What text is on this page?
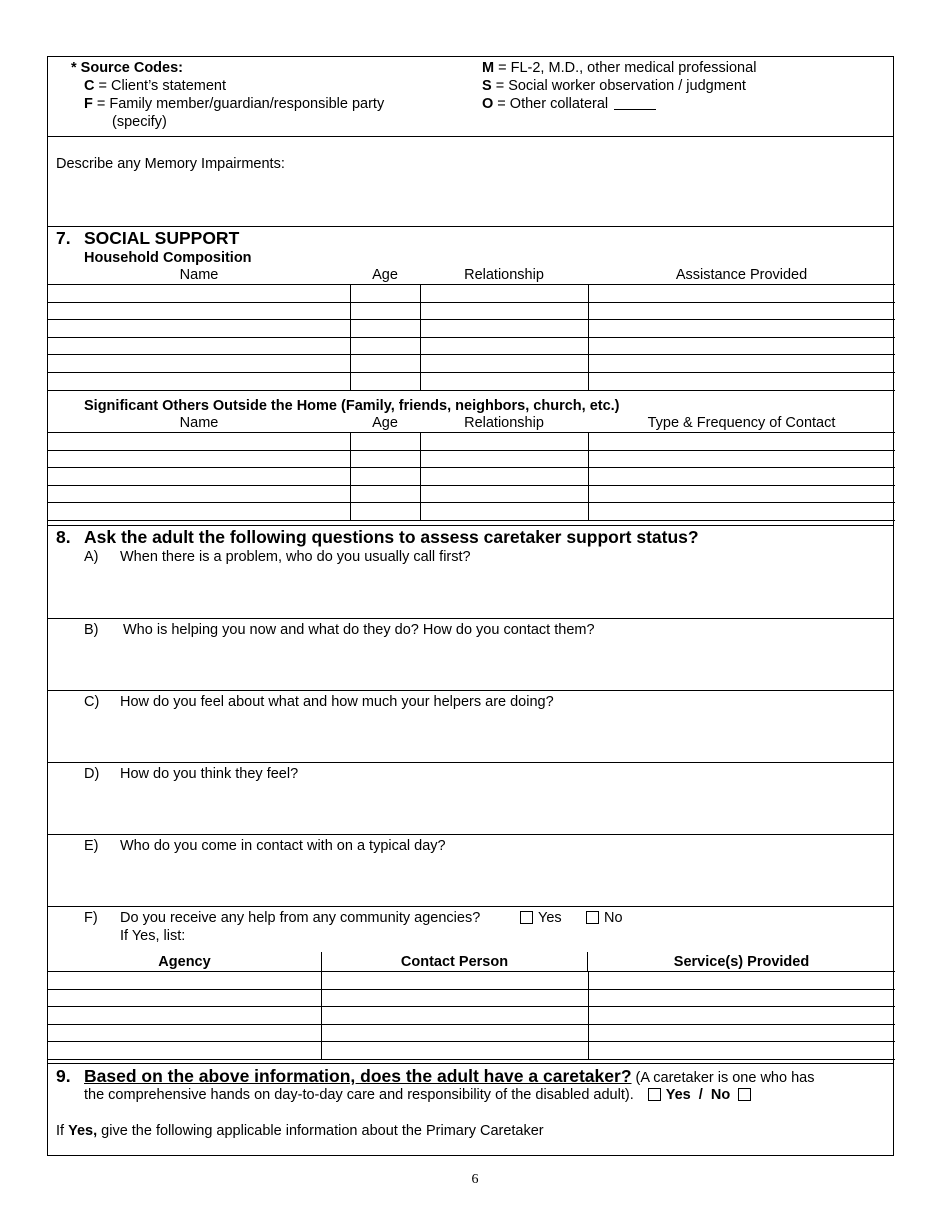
* Source Codes:
C = Client’s statement
F = Family member/guardian/responsible party
(specify)
M = FL-2, M.D., other medical professional
S = Social worker observation / judgment
O = Other collateral
Describe any Memory Impairments:
7. SOCIAL SUPPORT
Household Composition
Name	Age	Relationship	Assistance Provided

Significant Others Outside the Home (Family, friends, neighbors, church, etc.)
Name	Age	Relationship	Type & Frequency of Contact

8. Ask the adult the following questions to assess caretaker support status?
A) When there is a problem, who do you usually call first?
B) Who is helping you now and what do they do? How do you contact them?
C) How do you feel about what and how much your helpers are doing?
D) How do you think they feel?
E) Who do you come in contact with on a typical day?
F) Do you receive any help from any community agencies?	Yes	No
If Yes, list:
Agency	Contact Person	Service(s) Provided

9. Based on the above information, does the adult have a caretaker? (A caretaker is one who has
the comprehensive hands on day-to-day care and responsibility of the disabled adult). Yes / No
If Yes, give the following applicable information about the Primary Caretaker
6
